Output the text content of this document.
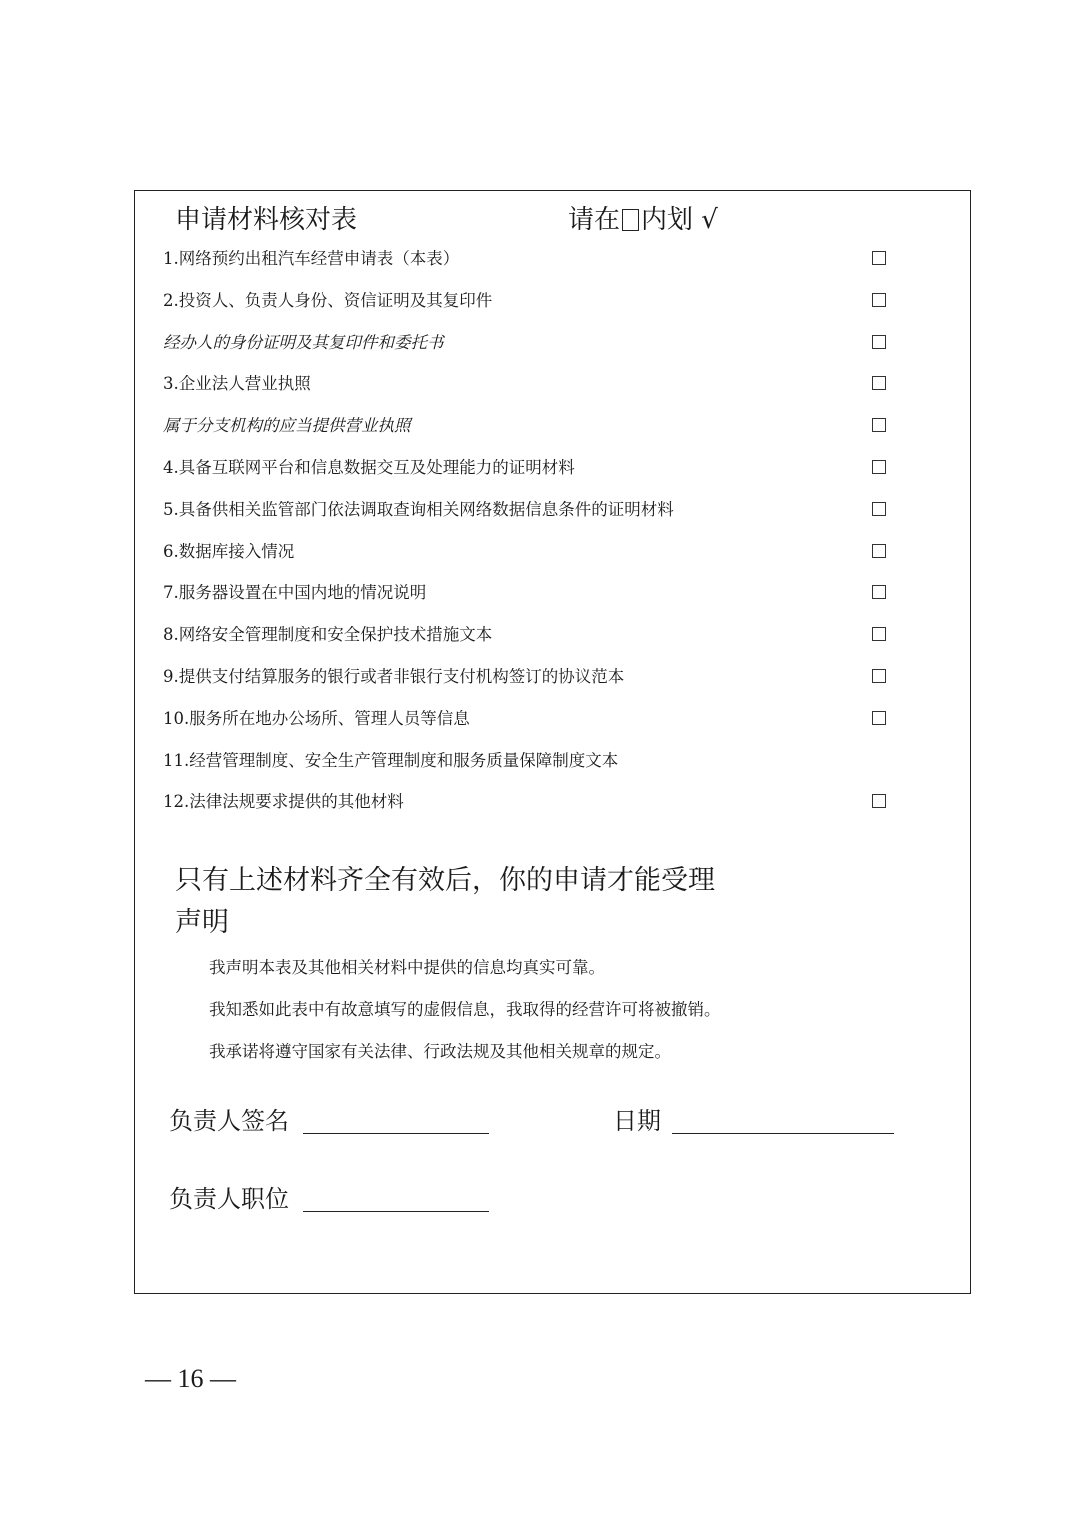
申请材料核对表	请在 内划 √
1.网络预约出租汽车经营申请表（本表）
2.投资人、负责人身份、资信证明及其复印件
经办人的身份证明及其复印件和委托书
3.企业法人营业执照
属于分支机构的应当提供营业执照
4.具备互联网平台和信息数据交互及处理能力的证明材料
5.具备供相关监管部门依法调取查询相关网络数据信息条件的证明材料
6.数据库接入情况
7.服务器设置在中国内地的情况说明
8.网络安全管理制度和安全保护技术措施文本
9.提供支付结算服务的银行或者非银行支付机构签订的协议范本
10.服务所在地办公场所、管理人员等信息
11.经营管理制度、安全生产管理制度和服务质量保障制度文本
12.法律法规要求提供的其他材料
只有上述材料齐全有效后，你的申请才能受理
声明
我声明本表及其他相关材料中提供的信息均真实可靠。
我知悉如此表中有故意填写的虚假信息，我取得的经营许可将被撤销。
我承诺将遵守国家有关法律、行政法规及其他相关规章的规定。
负责人签名	日期
负责人职位
— 16 —
